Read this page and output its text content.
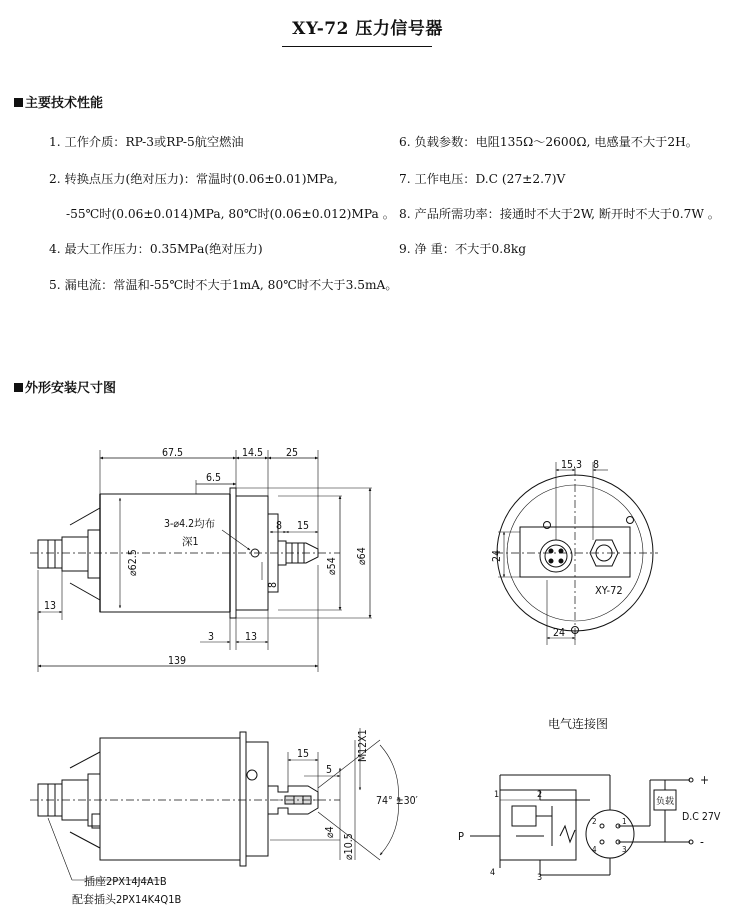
XY-72 压力信号器
主要技术性能
1. 工作介质：RP-3或RP-5航空燃油
2. 转换点压力(绝对压力)：常温时(0.06±0.01)MPa,
-55℃时(0.06±0.014)MPa, 80℃时(0.06±0.012)MPa 。
4. 最大工作压力：0.35MPa(绝对压力)
5. 漏电流：常温和-55℃时不大于1mA, 80℃时不大于3.5mA。
6. 负载参数：电阻135Ω～2600Ω, 电感量不大于2H。
7. 工作电压：D.C (27±2.7)V
8. 产品所需功率：接通时不大于2W, 断开时不大于0.7W 。
9. 净 重：不大于0.8kg
外形安装尺寸图
67.5	14.5 25
6.5
3-⌀4.2均布
深1
8 15
8
⌀62.5	⌀54
⌀64
13
3	13
139
15.3 8
24
24
XY-72
M12X1
15
5
74° ±30′
⌀4
⌀10.5
插座2PX14J4A1B
配套插头2PX14K4Q1B
电气连接图
负载
D.C 27V
+
-
P
1	2
3
4
1
2
3
4
